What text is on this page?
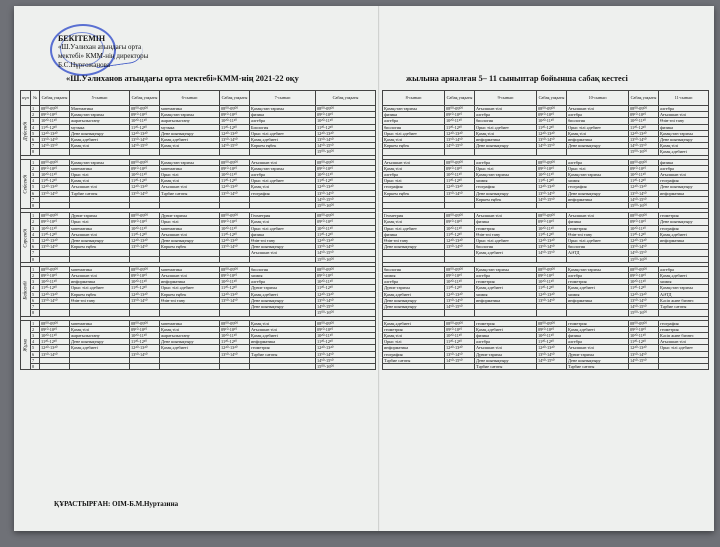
БЕКІТЕМІН
«Ш.Уәлихан атындағы орта
мектебі» КММ-нің директоры
Б.С.Нұрғожанова
«Ш.Уәлиханов атындағы орта мектебі»КММ-нің 2021-22 оқу	жылына арналған 5– 11 сыныптар бойынша сабақ кестесі
күн	№	Сабақ уақыты	5-сынып	Сабақ уақыты	6-сынып	Сабақ уақыты	7-сынып	Сабақ уақыты
Дүйсенбі	1	08⁰⁰-09⁰⁰	Математика	08⁰⁰-09⁰⁰	математика	08⁰⁰-09⁰⁰	Қазақстан тарихы	08⁰⁰-09⁰⁰
	2	09¹⁰-10¹⁰	Қазақстан тарихы	09¹⁰-10¹⁰	Қазақстан тарихы	09¹⁰-10¹⁰	физика	09¹⁰-10¹⁰
	3	10²⁰-11²⁰	жаратылыстану	10²⁰-11²⁰	жаратылыстану	10²⁰-11²⁰	алгебра	10²⁰-11²⁰
	4	11³⁰-12³⁰	музыка	11³⁰-12³⁰	музыка	11³⁰-12³⁰	Биология	11³⁰-12³⁰
	5	12⁴⁰-13⁴⁰	Дене шынықтыру	12⁴⁰-13⁴⁰	Дене шынықтыру	12⁴⁰-13⁴⁰	Орыс тілі әдебиет	12⁴⁰-13⁴⁰
	6	13⁵⁰-14⁵⁰	Қазақ әдебиеті	13⁵⁰-14⁵⁰	Қазақ әдебиеті	13⁵⁰-14⁵⁰	Қазақ әдебиеті	13⁵⁰-14⁵⁰
	7	14⁵⁰-15⁵⁰	Қазақ тілі	14⁵⁰-15⁵⁰	Қазақ тілі	14⁵⁰-15⁵⁰	Көркем еңбек	14⁵⁰-15⁵⁰
	8							15⁰⁰-16⁰⁰

Сейсенбі	1	08⁰⁰-09⁰⁰	Қазақстан тарихы	08⁰⁰-09⁰⁰	Қазақстан тарихы	08⁰⁰-09⁰⁰	Ағылшын тілі	08⁰⁰-09⁰⁰
	2	09¹⁰-10¹⁰	математика	09¹⁰-10¹⁰	математика	09¹⁰-10¹⁰	Қазақстан тарихы	09¹⁰-10¹⁰
	3	10²⁰-11²⁰	Орыс тілі	10²⁰-11²⁰	Орыс тілі	10²⁰-11²⁰	алгебра	10²⁰-11²⁰
	4	11³⁰-12³⁰	Қазақ тілі	11³⁰-12³⁰	Қазақ тілі	11³⁰-12³⁰	Орыс тілі әдебиет	11³⁰-12³⁰
	5	12⁴⁰-13⁴⁰	Ағылшын тілі	12⁴⁰-13⁴⁰	Ағылшын тілі	12⁴⁰-13⁴⁰	Қазақ тілі	12⁴⁰-13⁴⁰
	6	13⁵⁰-14⁵⁰	Тәрбие сағаты	13⁵⁰-14⁵⁰	Тәрбие сағаты	13⁵⁰-14⁵⁰	география	13⁵⁰-14⁵⁰
	7							14⁵⁰-15⁵⁰
	8							15⁰⁰-16⁰⁰

Сәрсенбі	1	08⁰⁰-09⁰⁰	Дүние тарихы	08⁰⁰-09⁰⁰	Дүние тарихы	08⁰⁰-09⁰⁰	Геометрия	08⁰⁰-09⁰⁰
	2	09¹⁰-10¹⁰	Орыс тілі	09¹⁰-10¹⁰	Орыс тілі	09¹⁰-10¹⁰	Қазақ тілі	09¹⁰-10¹⁰
	3	10²⁰-11²⁰	математика	10²⁰-11²⁰	математика	10²⁰-11²⁰	Орыс тілі әдебиет	10²⁰-11²⁰
	4	11³⁰-12³⁰	Ағылшын тілі	11³⁰-12³⁰	Ағылшын тілі	11³⁰-12³⁰	физика	11³⁰-12³⁰
	5	12⁴⁰-13⁴⁰	Дене шынықтыру	12⁴⁰-13⁴⁰	Дене шынықтыру	12⁴⁰-13⁴⁰	Өзін-өзі тану	12⁴⁰-13⁴⁰
	6	13⁵⁰-14⁵⁰	Көркем еңбек	13⁵⁰-14⁵⁰	Көркем еңбек	13⁵⁰-14⁵⁰	Дене шынықтыру	13⁵⁰-14⁵⁰
	7						Ағылшын тілі	14⁵⁰-15⁵⁰
	8							15⁰⁰-16⁰⁰

Бейсенбі	1	08⁰⁰-09⁰⁰	математика	08⁰⁰-09⁰⁰	математика	08⁰⁰-09⁰⁰	биология	08⁰⁰-09⁰⁰
	2	09¹⁰-10¹⁰	Ағылшын тілі	09¹⁰-10¹⁰	Ағылшын тілі	09¹⁰-10¹⁰	химия	09¹⁰-10¹⁰
	3	10²⁰-11²⁰	информатика	10²⁰-11²⁰	информатика	10²⁰-11²⁰	алгебра	10²⁰-11²⁰
	4	11³⁰-12³⁰	Орыс тілі әдебиет	11³⁰-12³⁰	Орыс тілі әдебиет	11³⁰-12³⁰	Дүние тарихы	11³⁰-12³⁰
	5	12⁴⁰-13⁴⁰	Көркем еңбек	12⁴⁰-13⁴⁰	Көркем еңбек	12⁴⁰-13⁴⁰	Қазақ әдебиеті	12⁴⁰-13⁴⁰
	6	13⁵⁰-14⁵⁰	Өзін-өзі тану	13⁵⁰-14⁵⁰	Өзін-өзі тану	13⁵⁰-14⁵⁰	Дене шынықтыру	13⁵⁰-14⁵⁰
	7						Дене шынықтыру	14⁵⁰-15⁵⁰
	8							15⁰⁰-16⁰⁰

Жұма	1	08⁰⁰-09⁰⁰	математика	08⁰⁰-09⁰⁰	математика	08⁰⁰-09⁰⁰	Қазақ тілі	08⁰⁰-09⁰⁰
	2	09¹⁰-10¹⁰	Қазақ тілі	09¹⁰-10¹⁰	Қазақ тілі	09¹⁰-10¹⁰	Ағылшын тілі	09¹⁰-10¹⁰
	3	10²⁰-11²⁰	жаратылыстану	10²⁰-11²⁰	жаратылыстану	10²⁰-11²⁰	Қазақ әдебиеті	10²⁰-11²⁰
	4	11³⁰-12³⁰	Дене шынықтыру	11³⁰-12³⁰	Дене шынықтыру	11³⁰-12³⁰	информатика	11³⁰-12³⁰
	5	12⁴⁰-13⁴⁰	Қазақ әдебиеті	12⁴⁰-13⁴⁰	Қазақ әдебиеті	12⁴⁰-13⁴⁰	геометрия	12⁴⁰-13⁴⁰
	6	13⁵⁰-14⁵⁰		13⁵⁰-14⁵⁰		13⁵⁰-14⁵⁰	Тәрбие сағаты	13⁵⁰-14⁵⁰
	7							14⁵⁰-15⁵⁰
	8							15⁰⁰-16⁰⁰
8-сынып	Сабақ уақыты	9-сынып	Сабақ уақыты	10-сынып	Сабақ уақыты	11-сынып
Қазақстан тарихы	08⁰⁰-09⁰⁰	Ағылшын тілі	08⁰⁰-09⁰⁰	Ағылшын тілі	08⁰⁰-09⁰⁰	алгебра
физика	09¹⁰-10¹⁰	алгебра	09¹⁰-10¹⁰	алгебра	09¹⁰-10¹⁰	Ағылшын тілі
алгебра	10²⁰-11²⁰	биология	10²⁰-11²⁰	биология	10²⁰-11²⁰	Өзін-өзі тану
биология	11³⁰-12³⁰	Орыс тілі әдебиет	11³⁰-12³⁰	Орыс тілі әдебиет	11³⁰-12³⁰	физика
Орыс тілі әдебиет	12⁴⁰-13⁴⁰	Қазақ тілі	12⁴⁰-13⁴⁰	Қазақ тілі	12⁴⁰-13⁴⁰	Қазақстан тарихы
Қазақ тілі	13⁵⁰-14⁵⁰	информатика	13⁵⁰-14⁵⁰	информатика	13⁵⁰-14⁵⁰	Дене шынықтыру
Көркем еңбек	14⁵⁰-15⁵⁰	Дене шынықтыру	14⁵⁰-15⁵⁰	Дене шынықтыру	14⁵⁰-15⁵⁰	Қазақ тілі
					15⁰⁰-16⁰⁰	Қазақ әдебиеті

Ағылшын тілі	08⁰⁰-09⁰⁰	алгебра	08⁰⁰-09⁰⁰	алгебра	08⁰⁰-09⁰⁰	физика
Қазақ тілі	09¹⁰-10¹⁰	Орыс тілі	09¹⁰-10¹⁰	Орыс тілі	09¹⁰-10¹⁰	алгебра
алгебра	10²⁰-11²⁰	Қазақстан тарихы	10²⁰-11²⁰	Қазақстан тарихы	10²⁰-11²⁰	Ағылшын тілі
Орыс тілі	11³⁰-12³⁰	химия	11³⁰-12³⁰	химия	11³⁰-12³⁰	география
география	12⁴⁰-13⁴⁰	география	12⁴⁰-13⁴⁰	география	12⁴⁰-13⁴⁰	Дене шынықтыру
Көркем еңбек	13⁵⁰-14⁵⁰	Дене шынықтыру	13⁵⁰-14⁵⁰	Дене шынықтыру	13⁵⁰-14⁵⁰	информатика
		Көркем еңбек	14⁵⁰-15⁵⁰	информатика	14⁵⁰-15⁵⁰	
					15⁰⁰-16⁰⁰	

Геометрия	08⁰⁰-09⁰⁰	Ағылшын тілі	08⁰⁰-09⁰⁰	Ағылшын тілі	08⁰⁰-09⁰⁰	геометрия
Қазақ тілі	09¹⁰-10¹⁰	физика	09¹⁰-10¹⁰	физика	09¹⁰-10¹⁰	Дене шынықтыру
Орыс тілі әдебиет	10²⁰-11²⁰	геометрия	10²⁰-11²⁰	геометрия	10²⁰-11²⁰	география
физика	11³⁰-12³⁰	Өзін-өзі тану	11³⁰-12³⁰	Өзін-өзі тану	11³⁰-12³⁰	Қазақ әдебиеті
Өзін-өзі тану	12⁴⁰-13⁴⁰	Орыс тілі әдебиет	12⁴⁰-13⁴⁰	Орыс тілі әдебиет	12⁴⁰-13⁴⁰	информатика
Дене шынықтыру	13⁵⁰-14⁵⁰	биология	13⁵⁰-14⁵⁰	биология	13⁵⁰-14⁵⁰	
		Қазақ әдебиеті	14⁵⁰-15⁵⁰	АӘТД	14⁵⁰-15⁵⁰	
					15⁰⁰-16⁰⁰	

биология	08⁰⁰-09⁰⁰	Қазақстан тарихы	08⁰⁰-09⁰⁰	Қазақстан тарихы	08⁰⁰-09⁰⁰	алгебра
химия	09¹⁰-10¹⁰	алгебра	09¹⁰-10¹⁰	алгебра	09¹⁰-10¹⁰	Қазақ әдебиеті
алгебра	10²⁰-11²⁰	геометрия	10²⁰-11²⁰	геометрия	10²⁰-11²⁰	химия
Дүние тарихы	11³⁰-12³⁰	Қазақ әдебиеті	11³⁰-12³⁰	Қазақ әдебиеті	11³⁰-12³⁰	Қазақстан тарихы
Қазақ әдебиеті	12⁴⁰-13⁴⁰	химия	12⁴⁰-13⁴⁰	химия	12⁴⁰-13⁴⁰	АӘТД
Дене шынықтыру	13⁵⁰-14⁵⁰	информатика	13⁵⁰-14⁵⁰	информатика	13⁵⁰-14⁵⁰	Кәсіп және бизнес
Дене шынықтыру	14⁵⁰-15⁵⁰				14⁵⁰-15⁵⁰	Тәрбие сағаты
					15⁰⁰-16⁰⁰	

Қазақ әдебиеті	08⁰⁰-09⁰⁰	геометрия	08⁰⁰-09⁰⁰	геометрия	08⁰⁰-09⁰⁰	география
геометрия	09¹⁰-10¹⁰	Қазақ әдебиеті	09¹⁰-10¹⁰	Қазақ әдебиеті	09¹⁰-10¹⁰	геометрия
Қазақ тілі	10²⁰-11²⁰	физика	10²⁰-11²⁰	физика	10²⁰-11²⁰	Кәсіп және бизнес
Орыс тілі	11³⁰-12³⁰	алгебра	11³⁰-12³⁰	алгебра	11³⁰-12³⁰	Ағылшын тілі
информатика	12⁴⁰-13⁴⁰	Ағылшын тілі	12⁴⁰-13⁴⁰	Ағылшын тілі	12⁴⁰-13⁴⁰	Орыс тілі әдебиет
география	13⁵⁰-14⁵⁰	Дүние тарихы	13⁵⁰-14⁵⁰	Дүние тарихы	13⁵⁰-14⁵⁰	
Тәрбие сағаты	14⁵⁰-15⁵⁰	Дене шынықтыру	14⁵⁰-15⁵⁰	Дене шынықтыру	14⁵⁰-15⁵⁰	
		Тәрбие сағаты		Тәрбие сағаты		
ҚҰРАСТЫРҒАН: ОІМ-Б.М.Нуртазина
